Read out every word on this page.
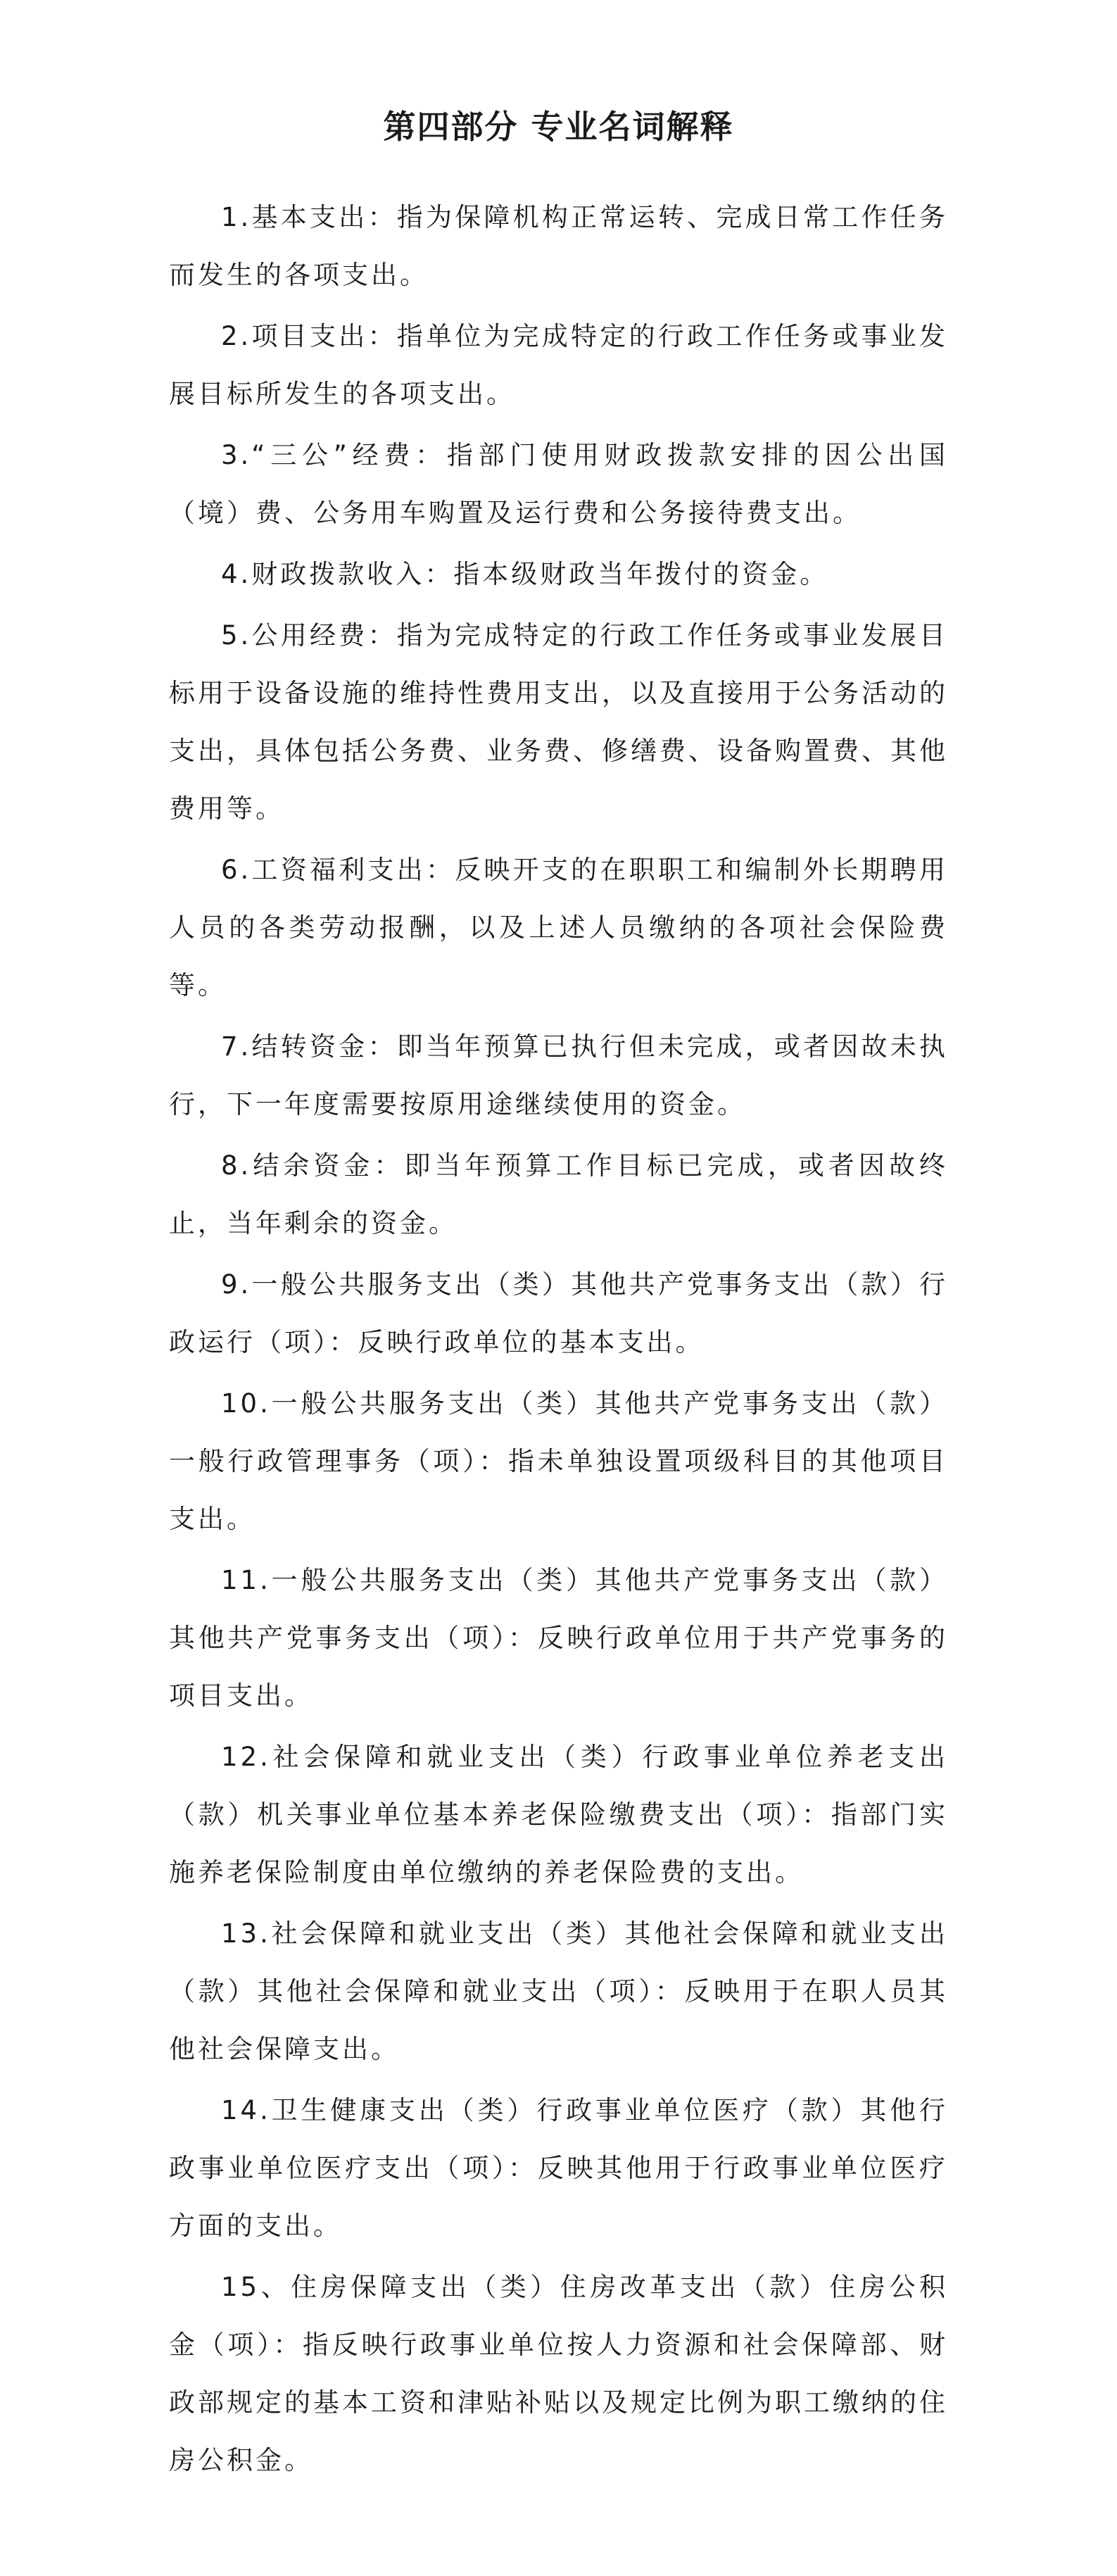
第四部分 专业名词解释

1.基本支出：指为保障机构正常运转、完成日常工作任务而发生的各项支出。

2.项目支出：指单位为完成特定的行政工作任务或事业发展目标所发生的各项支出。

3.“三公”经费：指部门使用财政拨款安排的因公出国（境）费、公务用车购置及运行费和公务接待费支出。

4.财政拨款收入：指本级财政当年拨付的资金。

5.公用经费：指为完成特定的行政工作任务或事业发展目标用于设备设施的维持性费用支出，以及直接用于公务活动的支出，具体包括公务费、业务费、修缮费、设备购置费、其他费用等。

6.工资福利支出：反映开支的在职职工和编制外长期聘用人员的各类劳动报酬，以及上述人员缴纳的各项社会保险费等。

7.结转资金：即当年预算已执行但未完成，或者因故未执行，下一年度需要按原用途继续使用的资金。

8.结余资金：即当年预算工作目标已完成，或者因故终止，当年剩余的资金。

9.一般公共服务支出（类）其他共产党事务支出（款）行政运行（项）：反映行政单位的基本支出。

10.一般公共服务支出（类）其他共产党事务支出（款）一般行政管理事务（项）：指未单独设置项级科目的其他项目支出。

11.一般公共服务支出（类）其他共产党事务支出（款）其他共产党事务支出（项）：反映行政单位用于共产党事务的项目支出。

12.社会保障和就业支出（类）行政事业单位养老支出（款）机关事业单位基本养老保险缴费支出（项）：指部门实施养老保险制度由单位缴纳的养老保险费的支出。

13.社会保障和就业支出（类）其他社会保障和就业支出（款）其他社会保障和就业支出（项）：反映用于在职人员其他社会保障支出。

14.卫生健康支出（类）行政事业单位医疗（款）其他行政事业单位医疗支出（项）：反映其他用于行政事业单位医疗方面的支出。

15、住房保障支出（类）住房改革支出（款）住房公积金（项）：指反映行政事业单位按人力资源和社会保障部、财政部规定的基本工资和津贴补贴以及规定比例为职工缴纳的住房公积金。
